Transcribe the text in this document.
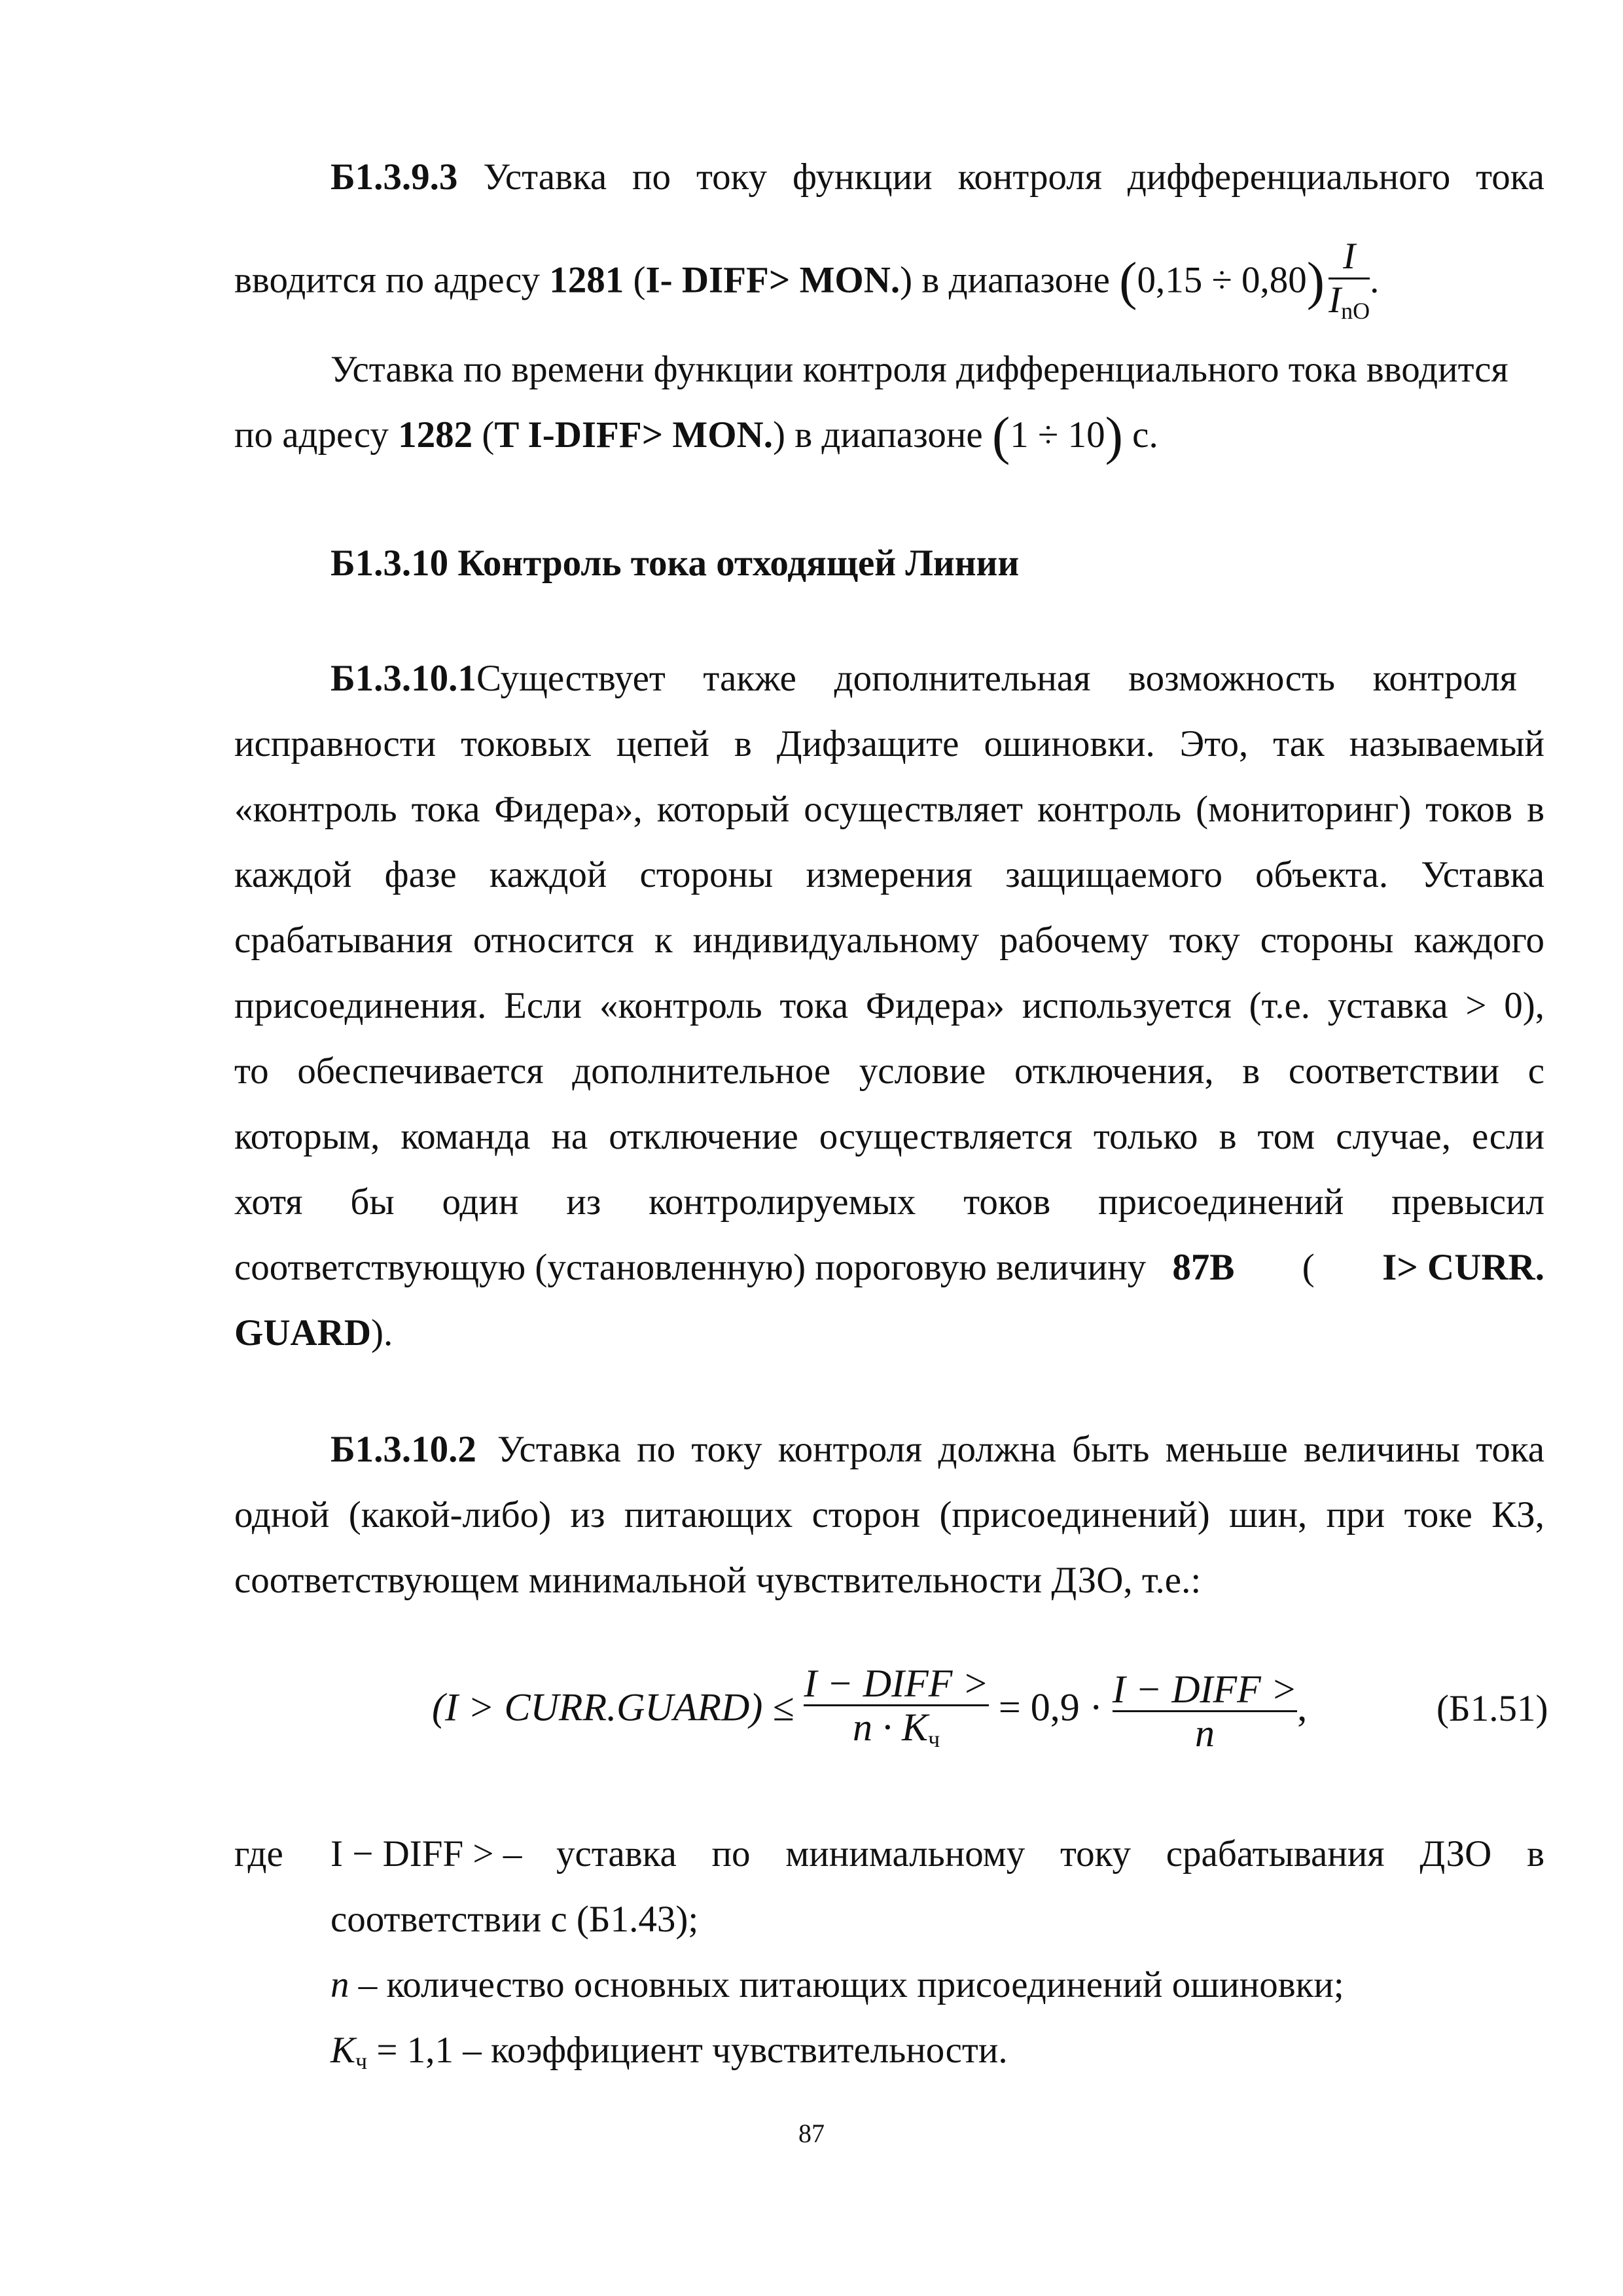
Б1.3.9.3 Уставка по току функции контроля дифференциального тока
вводится по адресу 1281 (I- DIFF> MON.) в диапазоне $(0,15 \div 0,80) \frac{I}{I_{nO}}$ .
Уставка по времени функции контроля дифференциального тока вводится
по адресу 1282 (T I-DIFF> MON.) в диапазоне (1 ÷ 10) с.
Б1.3.10 Контроль тока отходящей Линии
Б1.3.10.1Существует также дополнительная возможность контроля
исправности токовых цепей в Дифзащите ошиновки. Это, так называемый
«контроль тока Фидера», который осуществляет контроль (мониторинг) токов в
каждой фазе каждой стороны измерения защищаемого объекта. Уставка
срабатывания относится к индивидуальному рабочему току стороны каждого
присоединения. Если «контроль тока Фидера» используется (т.е. уставка > 0),
то обеспечивается дополнительное условие отключения, в соответствии с
которым, команда на отключение осуществляется только в том случае, если
хотя бы один из контролируемых токов присоединений превысил
соответствующую (установленную) пороговую величину 87B ( I> CURR.
GUARD).
Б1.3.10.2 Уставка по току контроля должна быть меньше величины тока
одной (какой-либо) из питающих сторон (присоединений) шин, при токе КЗ,
соответствующем минимальной чувствительности ДЗО, т.е.:
(I > CURR.GUARD) ≤ $\frac{\text{I − DIFF >}}{n \cdot K_ч} = 0,9 \cdot \frac{\text{I − DIFF >}}{n}$ ,	(Б1.51)
где	I − DIFF > – уставка по минимальному току срабатывания ДЗО в
соответствии с (Б1.43);
n – количество основных питающих присоединений ошиновки;
$K_ч = 1,1$ – коэффициент чувствительности.
87
